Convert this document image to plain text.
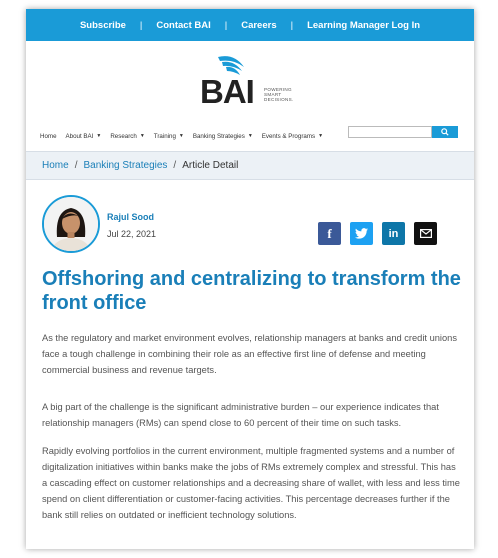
Subscribe | Contact BAI | Careers | Learning Manager Log In
BAI POWERING
SMART
DECISIONS.
Home About BAI ▼ Research ▼ Training ▼ Banking Strategies ▼ Events & Programs ▼
Home / Banking Strategies / Article Detail
Rajul Sood
Jul 22, 2021	f	in
Offshoring and centralizing to transform the front office

As the regulatory and market environment evolves, relationship managers at banks and credit unions face a tough challenge in combining their role as an effective first line of defense and meeting commercial business and revenue targets.

A big part of the challenge is the significant administrative burden – our experience indicates that relationship managers (RMs) can spend close to 60 percent of their time on such tasks.

Rapidly evolving portfolios in the current environment, multiple fragmented systems and a number of digitalization initiatives within banks make the jobs of RMs extremely complex and stressful. This has a cascading effect on customer relationships and a decreasing share of wallet, with less and less time spend on client differentiation or customer-facing activities. This percentage decreases further if the bank still relies on outdated or inefficient technology solutions.
